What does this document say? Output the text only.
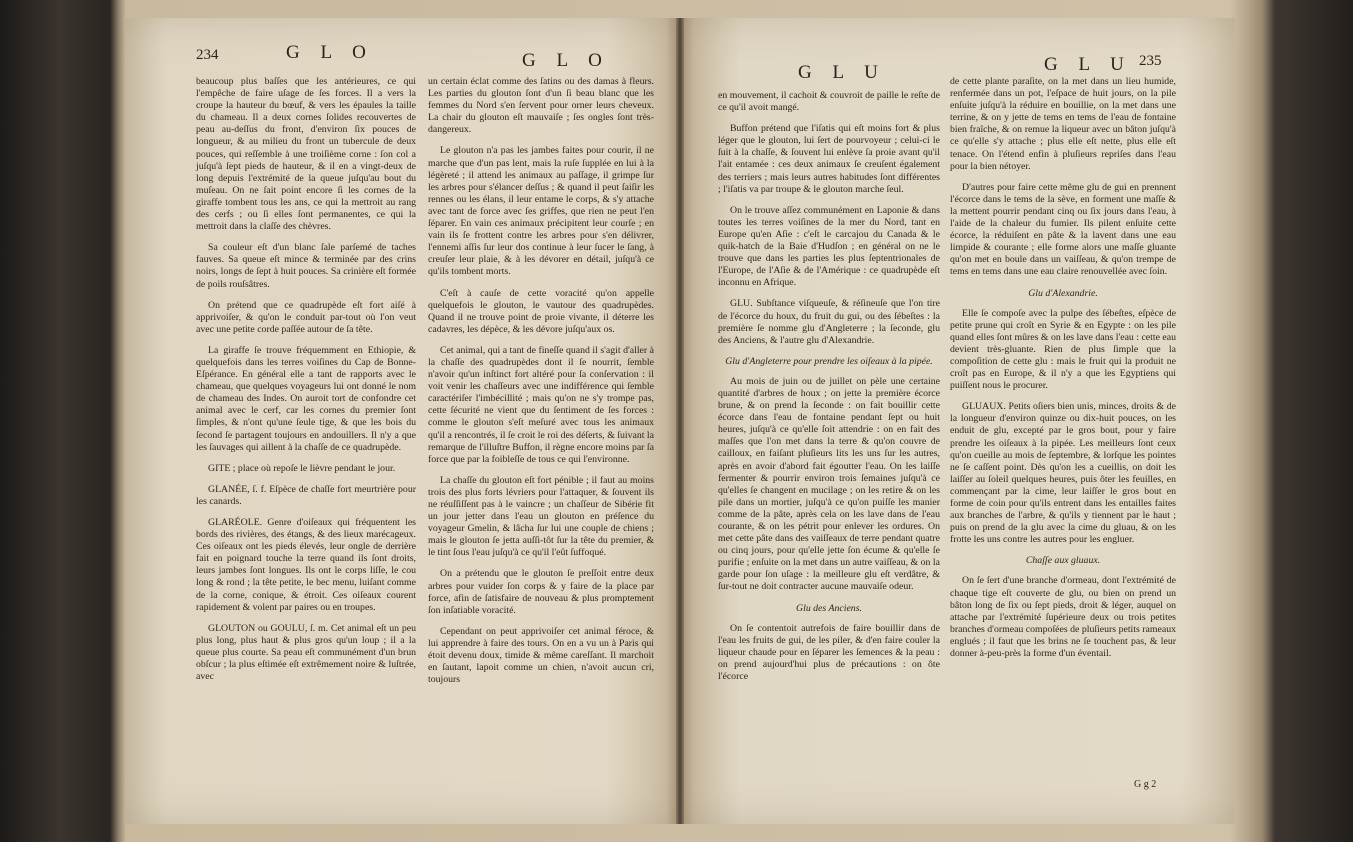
234	G L O	G L O
G L U	G L U 235

beaucoup plus baſſes que les antérieures, ce qui l'empêche de faire uſage de ſes forces. Il a vers la croupe la hauteur du bœuf, & vers les épaules la taille du chameau. Il a deux cornes ſolides recouvertes de peau au-deſſus du front, d'environ ſix pouces de longueur, & au milieu du front un tubercule de deux pouces, qui reſſemble à une troiſième corne : ſon col a juſqu'à ſept pieds de hauteur, & il en a vingt-deux de long depuis l'extrémité de la queue juſqu'au bout du muſeau. On ne ſait point encore ſi les cornes de la giraffe tombent tous les ans, ce qui la mettroit au rang des cerfs ; ou ſi elles ſont permanentes, ce qui la mettroit dans la claſſe des chèvres.

Sa couleur eſt d'un blanc ſale parſemé de taches fauves. Sa queue eſt mince & terminée par des crins noirs, longs de ſept à huit pouces. Sa crinière eſt formée de poils rouſsâtres.

On prétend que ce quadrupède eſt fort aiſé à apprivoiſer, & qu'on le conduit par-tout où l'on veut avec une petite corde paſſée autour de ſa tête.

La giraffe ſe trouve fréquemment en Ethiopie, & quelquefois dans les terres voiſines du Cap de Bonne-Eſpérance. En général elle a tant de rapports avec le chameau, que quelques voyageurs lui ont donné le nom de chameau des Indes. On auroit tort de confondre cet animal avec le cerf, car les cornes du premier ſont ſimples, & n'ont qu'une ſeule tige, & que les bois du ſecond ſe partagent toujours en andouillers. Il n'y a que les ſauvages qui aillent à la chaſſe de ce quadrupède.

GITE ; place où repoſe le lièvre pendant le jour.

GLANÉE, ſ. f. Eſpèce de chaſſe fort meurtrière pour les canards.

GLARÉOLE. Genre d'oiſeaux qui fréquentent les bords des rivières, des étangs, & des lieux marécageux. Ces oiſeaux ont les pieds élevés, leur ongle de derrière fait en poignard touche la terre quand ils ſont droits, leurs jambes ſont longues. Ils ont le corps liſſe, le cou long & rond ; la tête petite, le bec menu, luiſant comme de la corne, conique, & étroit. Ces oiſeaux courent rapidement & volent par paires ou en troupes.

GLOUTON ou GOULU, ſ. m. Cet animal eſt un peu plus long, plus haut & plus gros qu'un loup ; il a la queue plus courte. Sa peau eſt communément d'un brun obſcur ; la plus eſtimée eſt extrêmement noire & luſtrée, avec

un certain éclat comme des ſatins ou des damas à fleurs. Les parties du glouton ſont d'un ſi beau blanc que les femmes du Nord s'en ſervent pour orner leurs cheveux. La chair du glouton eſt mauvaiſe ; ſes ongles ſont très-dangereux.

Le glouton n'a pas les jambes faites pour courir, il ne marche que d'un pas lent, mais la ruſe ſupplée en lui à la légèreté ; il attend les animaux au paſſage, il grimpe ſur les arbres pour s'élancer deſſus ; & quand il peut ſaiſir les rennes ou les élans, il leur entame le corps, & s'y attache avec tant de force avec ſes griffes, que rien ne peut l'en ſéparer. En vain ces animaux précipitent leur courſe ; en vain ils ſe frottent contre les arbres pour s'en délivrer, l'ennemi aſſis ſur leur dos continue à leur ſucer le ſang, à creuſer leur plaie, & à les dévorer en détail, juſqu'à ce qu'ils tombent morts.

C'eſt à cauſe de cette voracité qu'on appelle quelquefois le glouton, le vautour des quadrupèdes. Quand il ne trouve point de proie vivante, il déterre les cadavres, les dépèce, & les dévore juſqu'aux os.

Cet animal, qui a tant de fineſſe quand il s'agit d'aller à la chaſſe des quadrupèdes dont il ſe nourrit, ſemble n'avoir qu'un inſtinct fort altéré pour ſa conſervation : il voit venir les chaſſeurs avec une indifférence qui ſemble caractériſer l'imbécillité ; mais qu'on ne s'y trompe pas, cette ſécurité ne vient que du ſentiment de ſes forces : comme le glouton s'eſt meſuré avec tous les animaux qu'il a rencontrés, il ſe croit le roi des déſerts, & ſuivant la remarque de l'illuſtre Buffon, il règne encore moins par ſa force que par la foibleſſe de tous ce qui l'environne.

La chaſſe du glouton eſt fort pénible ; il faut au moins trois des plus forts lévriers pour l'attaquer, & ſouvent ils ne réuſſiſſent pas à le vaincre ; un chaſſeur de Sibérie fit un jour jetter dans l'eau un glouton en préſence du voyageur Gmelin, & lâcha ſur lui une couple de chiens ; mais le glouton ſe jetta auſſi-tôt ſur la tête du premier, & le tint ſous l'eau juſqu'à ce qu'il l'eût ſuffoqué.

On a prétendu que le glouton ſe preſſoit entre deux arbres pour vuider ſon corps & y faire de la place par force, afin de ſatisfaire de nouveau & plus promptement ſon inſatiable voracité.

Cependant on peut apprivoiſer cet animal féroce, & lui apprendre à faire des tours. On en a vu un à Paris qui étoit devenu doux, timide & même careſſant. Il marchoit en ſautant, lapoit comme un chien, n'avoit aucun cri, toujours

en mouvement, il cachoit & couvroit de paille le reſte de ce qu'il avoit mangé.

Buffon prétend que l'iſatis qui eſt moins fort & plus léger que le glouton, lui ſert de pourvoyeur ; celui-ci le ſuit à la chaſſe, & ſouvent lui enlève ſa proie avant qu'il l'ait entamée : ces deux animaux ſe creuſent également des terriers ; mais leurs autres habitudes ſont différentes ; l'iſatis va par troupe & le glouton marche ſeul.

On le trouve aſſez communément en Laponie & dans toutes les terres voiſines de la mer du Nord, tant en Europe qu'en Aſie : c'eſt le carcajou du Canada & le quik-hatch de la Baie d'Hudſon ; en général on ne le trouve que dans les parties les plus ſeptentrionales de l'Europe, de l'Aſie & de l'Amérique : ce quadrupède eſt inconnu en Afrique.

GLU. Subſtance viſqueuſe, & réſineuſe que l'on tire de l'écorce du houx, du fruit du gui, ou des ſébeſtes : la première ſe nomme glu d'Angleterre ; la ſeconde, glu des Anciens, & l'autre glu d'Alexandrie.

Glu d'Angleterre pour prendre les oiſeaux à la pipée.

Au mois de juin ou de juillet on pèle une certaine quantité d'arbres de houx ; on jette la première écorce brune, & on prend la ſeconde : on fait bouillir cette écorce dans l'eau de fontaine pendant ſept ou huit heures, juſqu'à ce qu'elle ſoit attendrie : on en fait des maſſes que l'on met dans la terre & qu'on couvre de cailloux, en faiſant pluſieurs lits les uns ſur les autres, après en avoir d'abord fait égoutter l'eau. On les laiſſe fermenter & pourrir environ trois ſemaines juſqu'à ce qu'elles ſe changent en mucilage ; on les retire & on les pile dans un mortier, juſqu'à ce qu'on puiſſe les manier comme de la pâte, après cela on les lave dans de l'eau courante, & on les pétrit pour enlever les ordures. On met cette pâte dans des vaiſſeaux de terre pendant quatre ou cinq jours, pour qu'elle jette ſon écume & qu'elle ſe purifie ; enſuite on la met dans un autre vaiſſeau, & on la garde pour ſon uſage : la meilleure glu eſt verdâtre, & ſur-tout ne doit contracter aucune mauvaiſe odeur.

Glu des Anciens.

On ſe contentoit autrefois de faire bouillir dans de l'eau les fruits de gui, de les piler, & d'en faire couler la liqueur chaude pour en ſéparer les ſemences & la peau : on prend aujourd'hui plus de précautions : on ôte l'écorce

de cette plante paraſite, on la met dans un lieu humide, renfermée dans un pot, l'eſpace de huit jours, on la pile enſuite juſqu'à la réduire en bouillie, on la met dans une terrine, & on y jette de tems en tems de l'eau de fontaine bien fraîche, & on remue la liqueur avec un bâton juſqu'à ce qu'elle s'y attache ; plus elle eſt nette, plus elle eſt tenace. On l'étend enfin à pluſieurs repriſes dans l'eau pour la bien nétoyer.

D'autres pour faire cette même glu de gui en prennent l'écorce dans le tems de la sève, en forment une maſſe & la mettent pourrir pendant cinq ou ſix jours dans l'eau, à l'aide de la chaleur du fumier. Ils pilent enſuite cette écorce, la réduiſent en pâte & la lavent dans une eau limpide & courante ; elle forme alors une maſſe gluante qu'on met en boule dans un vaiſſeau, & qu'on trempe de tems en tems dans une eau claire renouvellée avec ſoin.

Glu d'Alexandrie.

Elle ſe compoſe avec la pulpe des ſébeſtes, eſpèce de petite prune qui croît en Syrie & en Egypte : on les pile quand elles ſont mûres & on les lave dans l'eau : cette eau devient très-gluante. Rien de plus ſimple que la compoſition de cette glu : mais le fruit qui la produit ne croît pas en Europe, & il n'y a que les Egyptiens qui puiſſent nous le procurer.

GLUAUX. Petits oſiers bien unis, minces, droits & de la longueur d'environ quinze ou dix-huit pouces, on les enduit de glu, excepté par le gros bout, pour y faire prendre les oiſeaux à la pipée. Les meilleurs ſont ceux qu'on cueille au mois de ſeptembre, & lorſque les pointes ne ſe caſſent point. Dès qu'on les a cueillis, on doit les laiſſer au ſoleil quelques heures, puis ôter les feuilles, en commençant par la cime, leur laiſſer le gros bout en forme de coin pour qu'ils entrent dans les entailles faites aux branches de l'arbre, & qu'ils y tiennent par le haut ; puis on prend de la glu avec la cime du gluau, & on les frotte les uns contre les autres pour les engluer.

Chaſſe aux gluaux.

On ſe ſert d'une branche d'ormeau, dont l'extrémité de chaque tige eſt couverte de glu, ou bien on prend un bâton long de ſix ou ſept pieds, droit & léger, auquel on attache par l'extrémité ſupérieure deux ou trois petites branches d'ormeau compoſées de pluſieurs petits rameaux englués ; il faut que les brins ne ſe touchent pas, & leur donner à-peu-près la forme d'un éventail.

G g 2
